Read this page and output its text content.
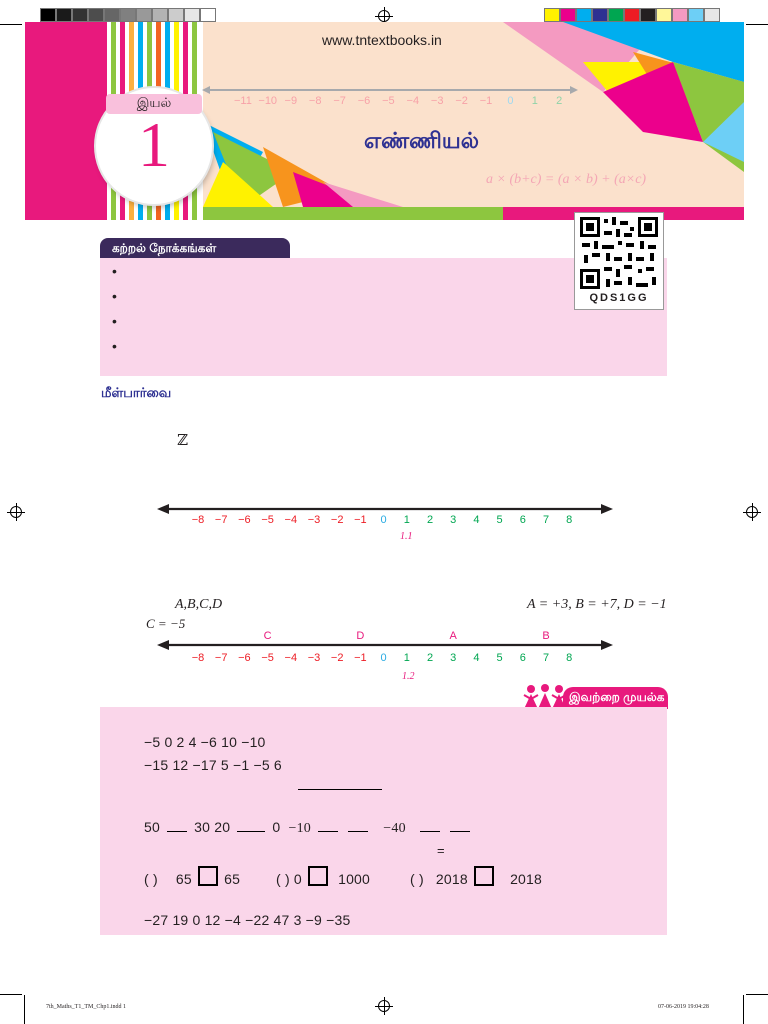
www.tntextbooks.in
−11 −10 −9 −8 −7 −6 −5 −4 −3 −2 −1	0	1	2
இயல்
1	எண்ணியல்
a × (b+c) = (a × b) + (a×c)
கற்றல் நோக்கங்கள்
•
•
•
•
QDS1GG
மீள்பார்வை
ℤ
−8 −7 −6 −5 −4 −3 −2 −1	0	1	2	3	4	5	6	7	8
1.1
A,B,C,D	A = +3, B = +7, D = −1
C = −5
−8 −7 −6 −5 −4 −3 −2 −1	0	1	2	3	4	5	6	7	8
C	D	A	B
1.2
இவற்றை முயல்க
−5 0 2 4 −6 10 −10
−15 12 −17 5 −1 −5 6
50 30 20	0 −10	−40
=
( ) 65 65	( ) 0	1000	( ) 2018	2018
−27 19 0 12 −4 −22 47 3 −9 −35
7th_Maths_T1_TM_Chp1.indd 1	07-06-2019 19:04:28
